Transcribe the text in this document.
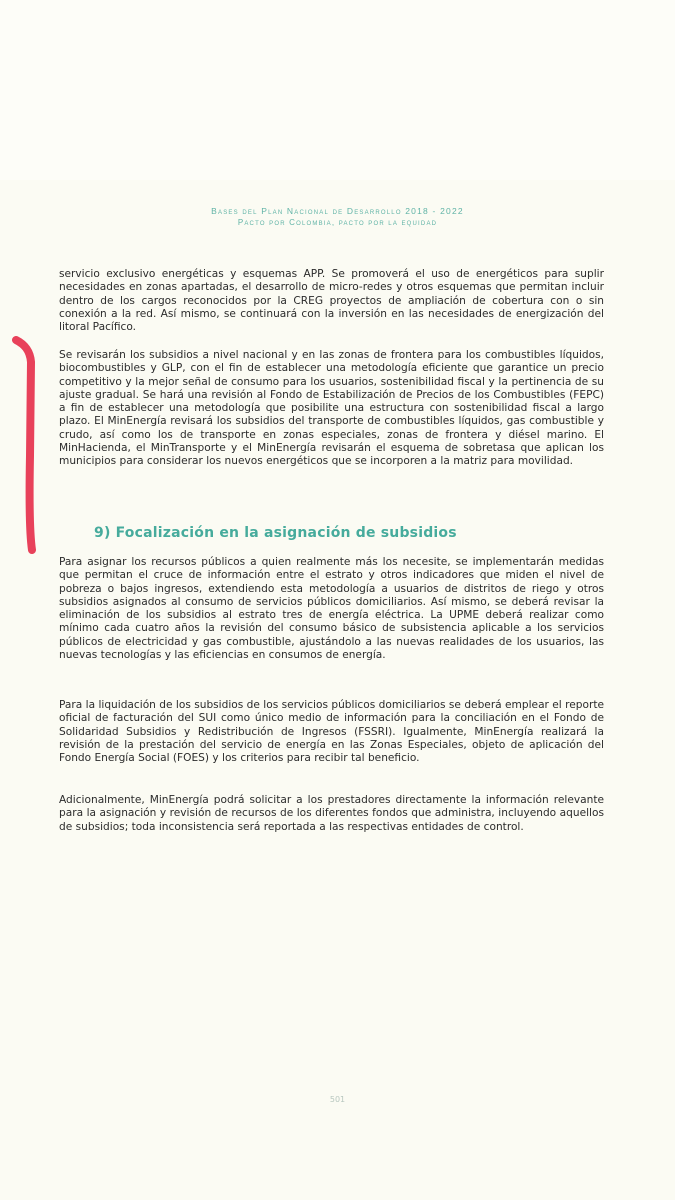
Bases del Plan Nacional de Desarrollo 2018 - 2022
Pacto por Colombia, pacto por la equidad

servicio exclusivo energéticas y esquemas APP. Se promoverá el uso de energéticos para suplir necesidades en zonas apartadas, el desarrollo de micro-redes y otros esquemas que permitan incluir dentro de los cargos reconocidos por la CREG proyectos de ampliación de cobertura con o sin conexión a la red. Así mismo, se continuará con la inversión en las necesidades de energización del litoral Pacífico.

Se revisarán los subsidios a nivel nacional y en las zonas de frontera para los combustibles líquidos, biocombustibles y GLP, con el fin de establecer una metodología eficiente que garantice un precio competitivo y la mejor señal de consumo para los usuarios, sostenibilidad fiscal y la pertinencia de su ajuste gradual. Se hará una revisión al Fondo de Estabilización de Precios de los Combustibles (FEPC) a fin de establecer una metodología que posibilite una estructura con sostenibilidad fiscal a largo plazo. El MinEnergía revisará los subsidios del transporte de combustibles líquidos, gas combustible y crudo, así como los de transporte en zonas especiales, zonas de frontera y diésel marino. El MinHacienda, el MinTransporte y el MinEnergía revisarán el esquema de sobretasa que aplican los municipios para considerar los nuevos energéticos que se incorporen a la matriz para movilidad.

9) Focalización en la asignación de subsidios

Para asignar los recursos públicos a quien realmente más los necesite, se implementarán medidas que permitan el cruce de información entre el estrato y otros indicadores que miden el nivel de pobreza o bajos ingresos, extendiendo esta metodología a usuarios de distritos de riego y otros subsidios asignados al consumo de servicios públicos domiciliarios. Así mismo, se deberá revisar la eliminación de los subsidios al estrato tres de energía eléctrica. La UPME deberá realizar como mínimo cada cuatro años la revisión del consumo básico de subsistencia aplicable a los servicios públicos de electricidad y gas combustible, ajustándolo a las nuevas realidades de los usuarios, las nuevas tecnologías y las eficiencias en consumos de energía.

Para la liquidación de los subsidios de los servicios públicos domiciliarios se deberá emplear el reporte oficial de facturación del SUI como único medio de información para la conciliación en el Fondo de Solidaridad Subsidios y Redistribución de Ingresos (FSSRI). Igualmente, MinEnergía realizará la revisión de la prestación del servicio de energía en las Zonas Especiales, objeto de aplicación del Fondo Energía Social (FOES) y los criterios para recibir tal beneficio.

Adicionalmente, MinEnergía podrá solicitar a los prestadores directamente la información relevante para la asignación y revisión de recursos de los diferentes fondos que administra, incluyendo aquellos de subsidios; toda inconsistencia será reportada a las respectivas entidades de control.

501
